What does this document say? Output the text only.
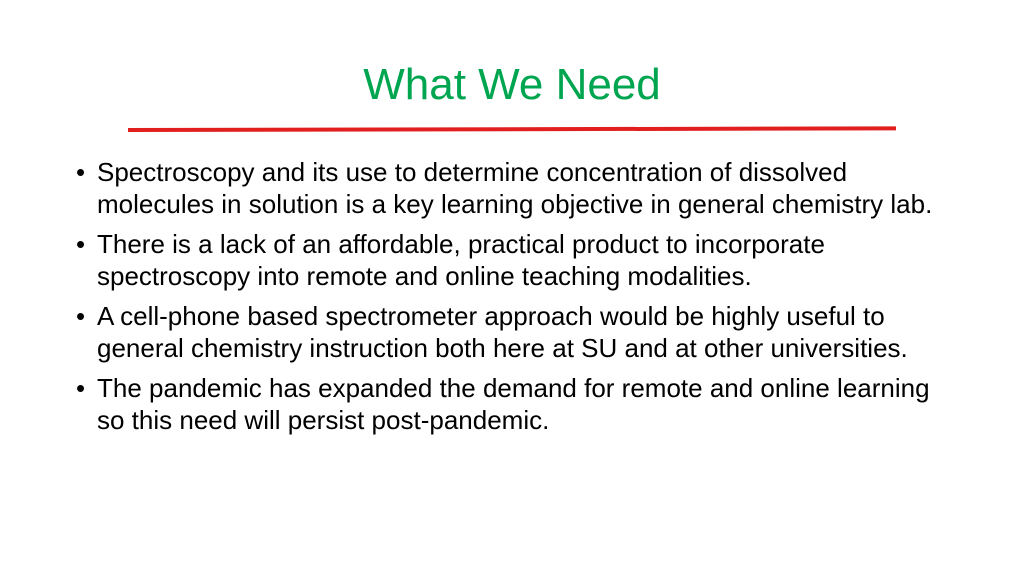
What We Need
• Spectroscopy and its use to determine concentration of dissolved molecules in solution is a key learning objective in general chemistry lab.
• There is a lack of an affordable, practical product to incorporate spectroscopy into remote and online teaching modalities.
• A cell-phone based spectrometer approach would be highly useful to general chemistry instruction both here at SU and at other universities.
• The pandemic has expanded the demand for remote and online learning so this need will persist post-pandemic.
